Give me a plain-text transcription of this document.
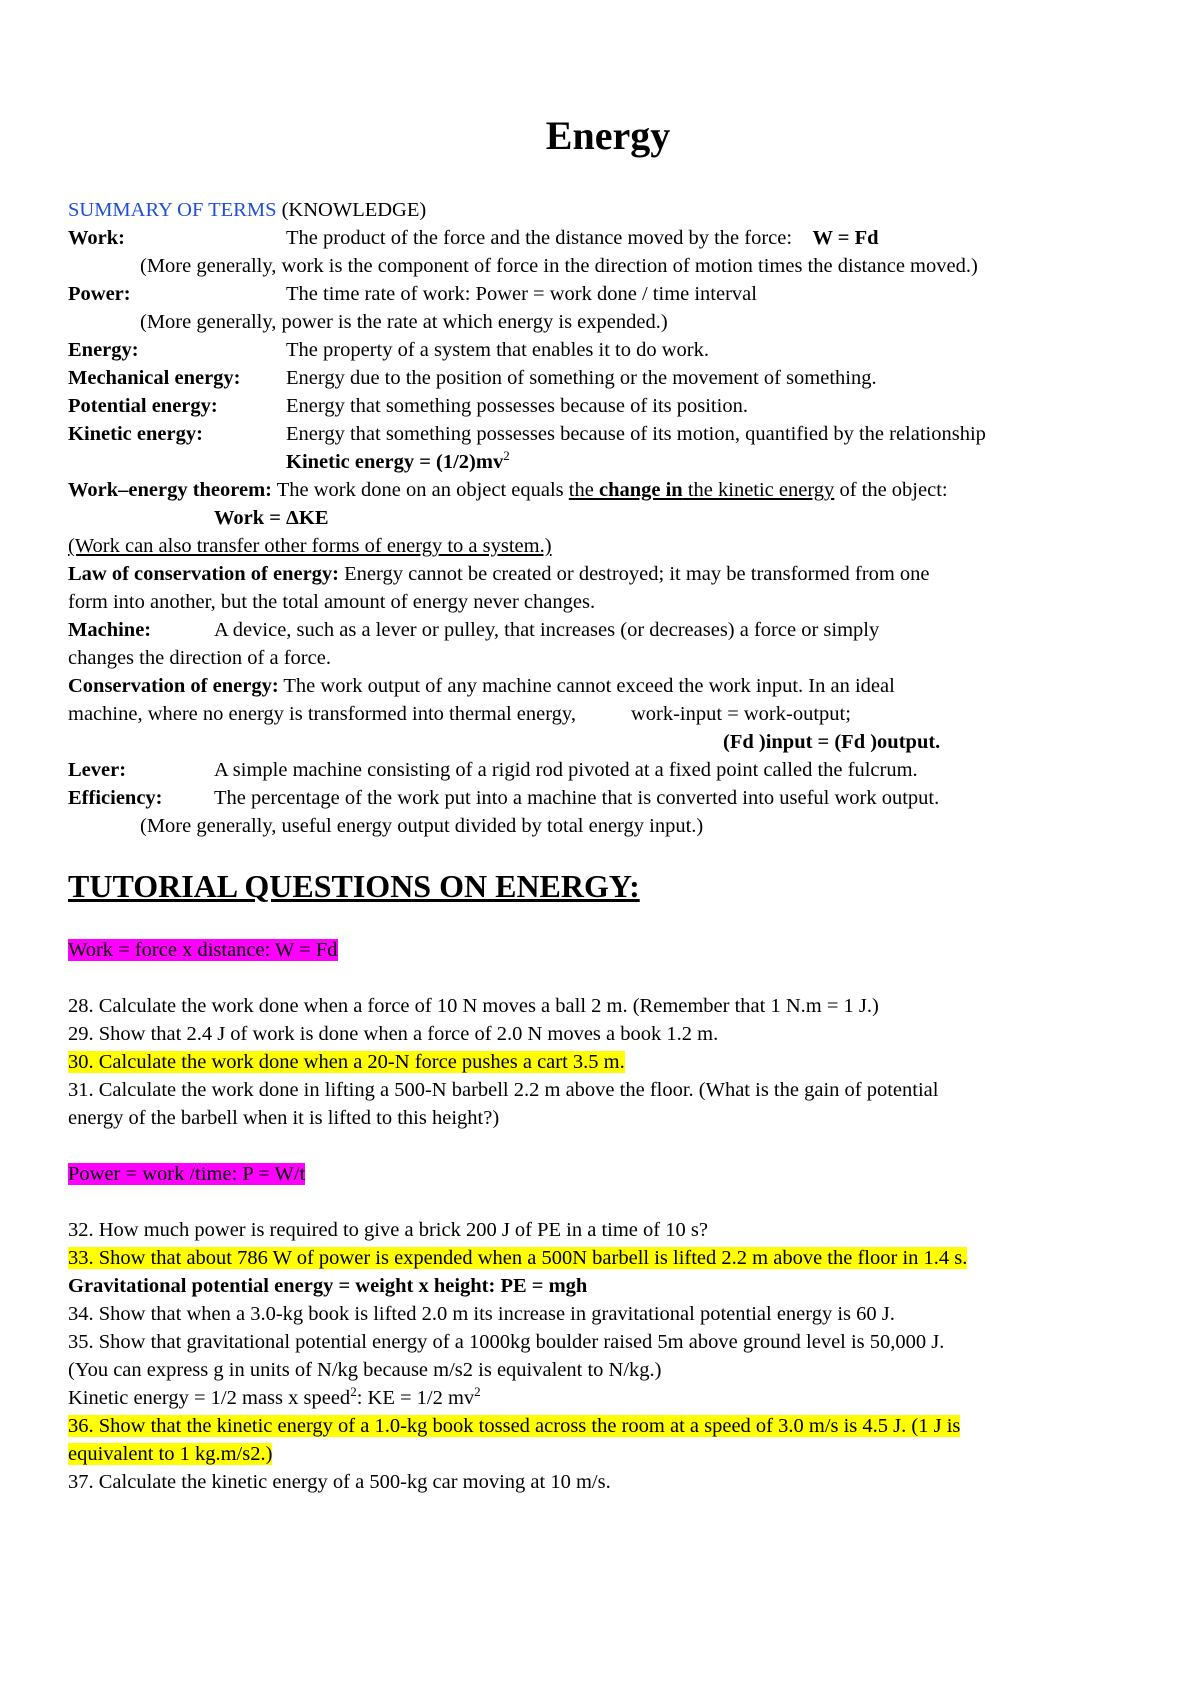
Energy
SUMMARY OF TERMS (KNOWLEDGE)
Work:	The product of the force and the distance moved by the force: W = Fd
(More generally, work is the component of force in the direction of motion times the distance moved.)
Power:	The time rate of work: Power = work done / time interval
(More generally, power is the rate at which energy is expended.)
Energy:	The property of a system that enables it to do work.
Mechanical energy: Energy due to the position of something or the movement of something.
Potential energy:	Energy that something possesses because of its position.
Kinetic energy:	Energy that something possesses because of its motion, quantified by the relationship
Kinetic energy = $(1/2)mv^2$
Work–energy theorem: The work done on an object equals the change in the kinetic energy of the object:
Work = ΔKE
(Work can also transfer other forms of energy to a system.)
Law of conservation of energy: Energy cannot be created or destroyed; it may be transformed from one
form into another, but the total amount of energy never changes.
Machine:	A device, such as a lever or pulley, that increases (or decreases) a force or simply
changes the direction of a force.
Conservation of energy: The work output of any machine cannot exceed the work input. In an ideal
machine, where no energy is transformed into thermal energy,	work-input = work-output;
(Fd )input = (Fd )output.
Lever:	A simple machine consisting of a rigid rod pivoted at a fixed point called the fulcrum.
Efficiency:	The percentage of the work put into a machine that is converted into useful work output.
(More generally, useful energy output divided by total energy input.)
TUTORIAL QUESTIONS ON ENERGY:
Work = force x distance: W = Fd
28. Calculate the work done when a force of 10 N moves a ball 2 m. (Remember that 1 N.m = 1 J.)
29. Show that 2.4 J of work is done when a force of 2.0 N moves a book 1.2 m.
30. Calculate the work done when a 20-N force pushes a cart 3.5 m.
31. Calculate the work done in lifting a 500-N barbell 2.2 m above the floor. (What is the gain of potential
energy of the barbell when it is lifted to this height?)
Power = work /time: P = W/t
32. How much power is required to give a brick 200 J of PE in a time of 10 s?
33. Show that about 786 W of power is expended when a 500N barbell is lifted 2.2 m above the floor in 1.4 s.
Gravitational potential energy = weight x height: PE = mgh
34. Show that when a 3.0-kg book is lifted 2.0 m its increase in gravitational potential energy is 60 J.
35. Show that gravitational potential energy of a 1000kg boulder raised 5m above ground level is 50,000 J.
(You can express g in units of N/kg because m/s2 is equivalent to N/kg.)
Kinetic energy = 1/2 mass x speed$^2$: KE = 1/2 $mv^2$
36. Show that the kinetic energy of a 1.0-kg book tossed across the room at a speed of 3.0 m/s is 4.5 J. (1 J is
equivalent to 1 kg.m/s2.)
37. Calculate the kinetic energy of a 500-kg car moving at 10 m/s.
